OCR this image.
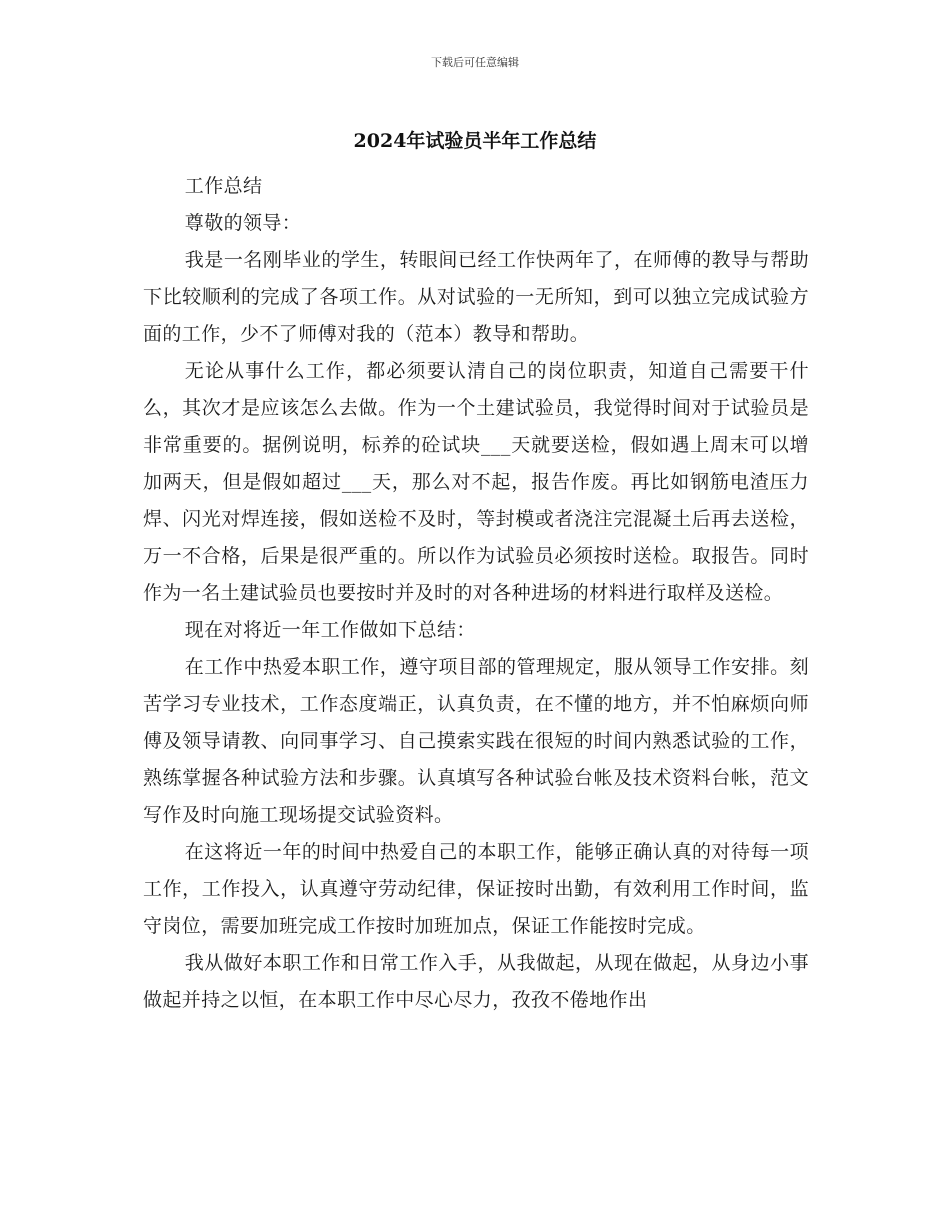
下载后可任意编辑
2024年试验员半年工作总结

工作总结

尊敬的领导：

我是一名刚毕业的学生，转眼间已经工作快两年了，在师傅的教导与帮助下比较顺利的完成了各项工作。从对试验的一无所知，到可以独立完成试验方面的工作，少不了师傅对我的（范本）教导和帮助。

无论从事什么工作，都必须要认清自己的岗位职责，知道自己需要干什么，其次才是应该怎么去做。作为一个土建试验员，我觉得时间对于试验员是非常重要的。据例说明，标养的砼试块___天就要送检，假如遇上周末可以增加两天，但是假如超过___天，那么对不起，报告作废。再比如钢筋电渣压力焊、闪光对焊连接，假如送检不及时，等封模或者浇注完混凝土后再去送检，万一不合格，后果是很严重的。所以作为试验员必须按时送检。取报告。同时作为一名土建试验员也要按时并及时的对各种进场的材料进行取样及送检。

现在对将近一年工作做如下总结：

在工作中热爱本职工作，遵守项目部的管理规定，服从领导工作安排。刻苦学习专业技术，工作态度端正，认真负责，在不懂的地方，并不怕麻烦向师傅及领导请教、向同事学习、自己摸索实践在很短的时间内熟悉试验的工作，熟练掌握各种试验方法和步骤。认真填写各种试验台帐及技术资料台帐，范文写作及时向施工现场提交试验资料。

在这将近一年的时间中热爱自己的本职工作，能够正确认真的对待每一项工作，工作投入，认真遵守劳动纪律，保证按时出勤，有效利用工作时间，监守岗位，需要加班完成工作按时加班加点，保证工作能按时完成。

我从做好本职工作和日常工作入手，从我做起，从现在做起，从身边小事做起并持之以恒，在本职工作中尽心尽力，孜孜不倦地作出
